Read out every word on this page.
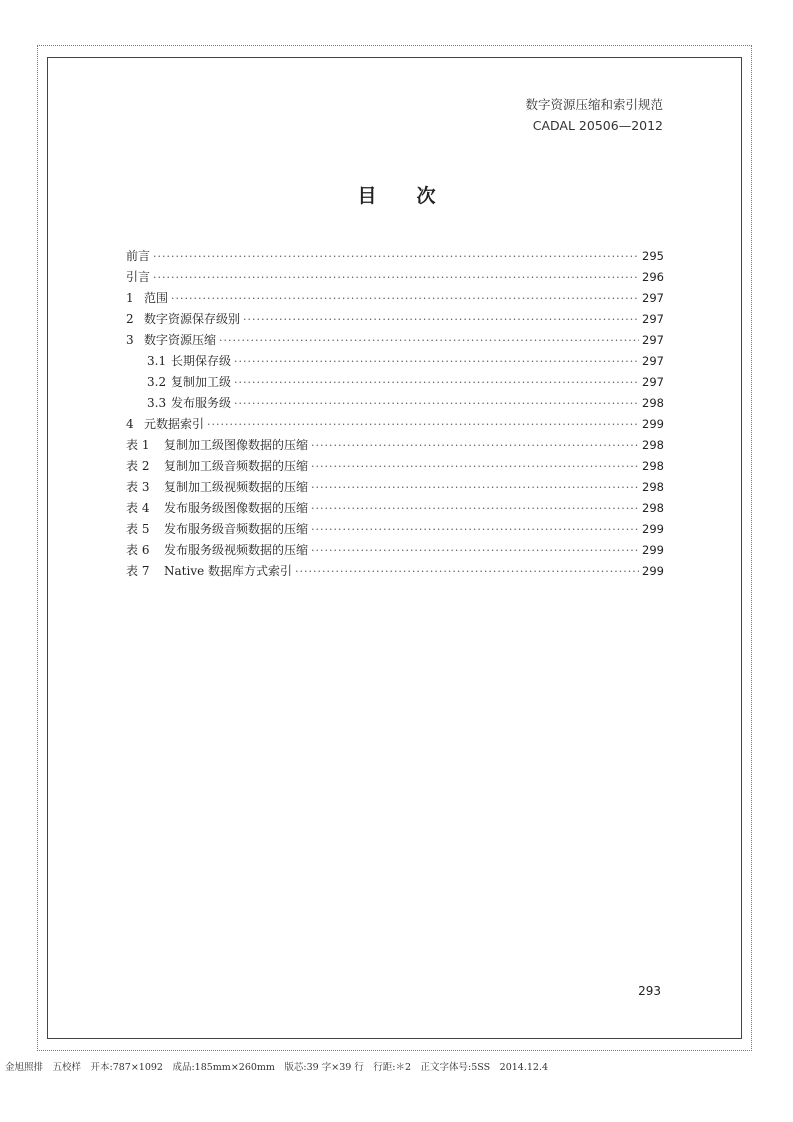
数字资源压缩和索引规范
CADAL 20506—2012
目次
前言 ·····	295
引言 ·····	296
1 范围 ·····	297
2 数字资源保存级别 ·····	297
3 数字资源压缩 ·····	297
3.1 长期保存级 ·····	297
3.2 复制加工级 ·····	297
3.3 发布服务级 ·····	298
4 元数据索引 ·····	299
表 1	复制加工级图像数据的压缩 ·····	298
表 2	复制加工级音频数据的压缩 ·····	298
表 3	复制加工级视频数据的压缩 ·····	298
表 4	发布服务级图像数据的压缩 ·····	298
表 5	发布服务级音频数据的压缩 ·····	299
表 6	发布服务级视频数据的压缩 ·····	299
表 7	Native 数据库方式索引 ·····	299
293
金旭照排　五校样　开本:787×1092　成品:185mm×260mm　版芯:39 字×39 行　行距:＊2　正文字体号:5SS　2014.12.4
